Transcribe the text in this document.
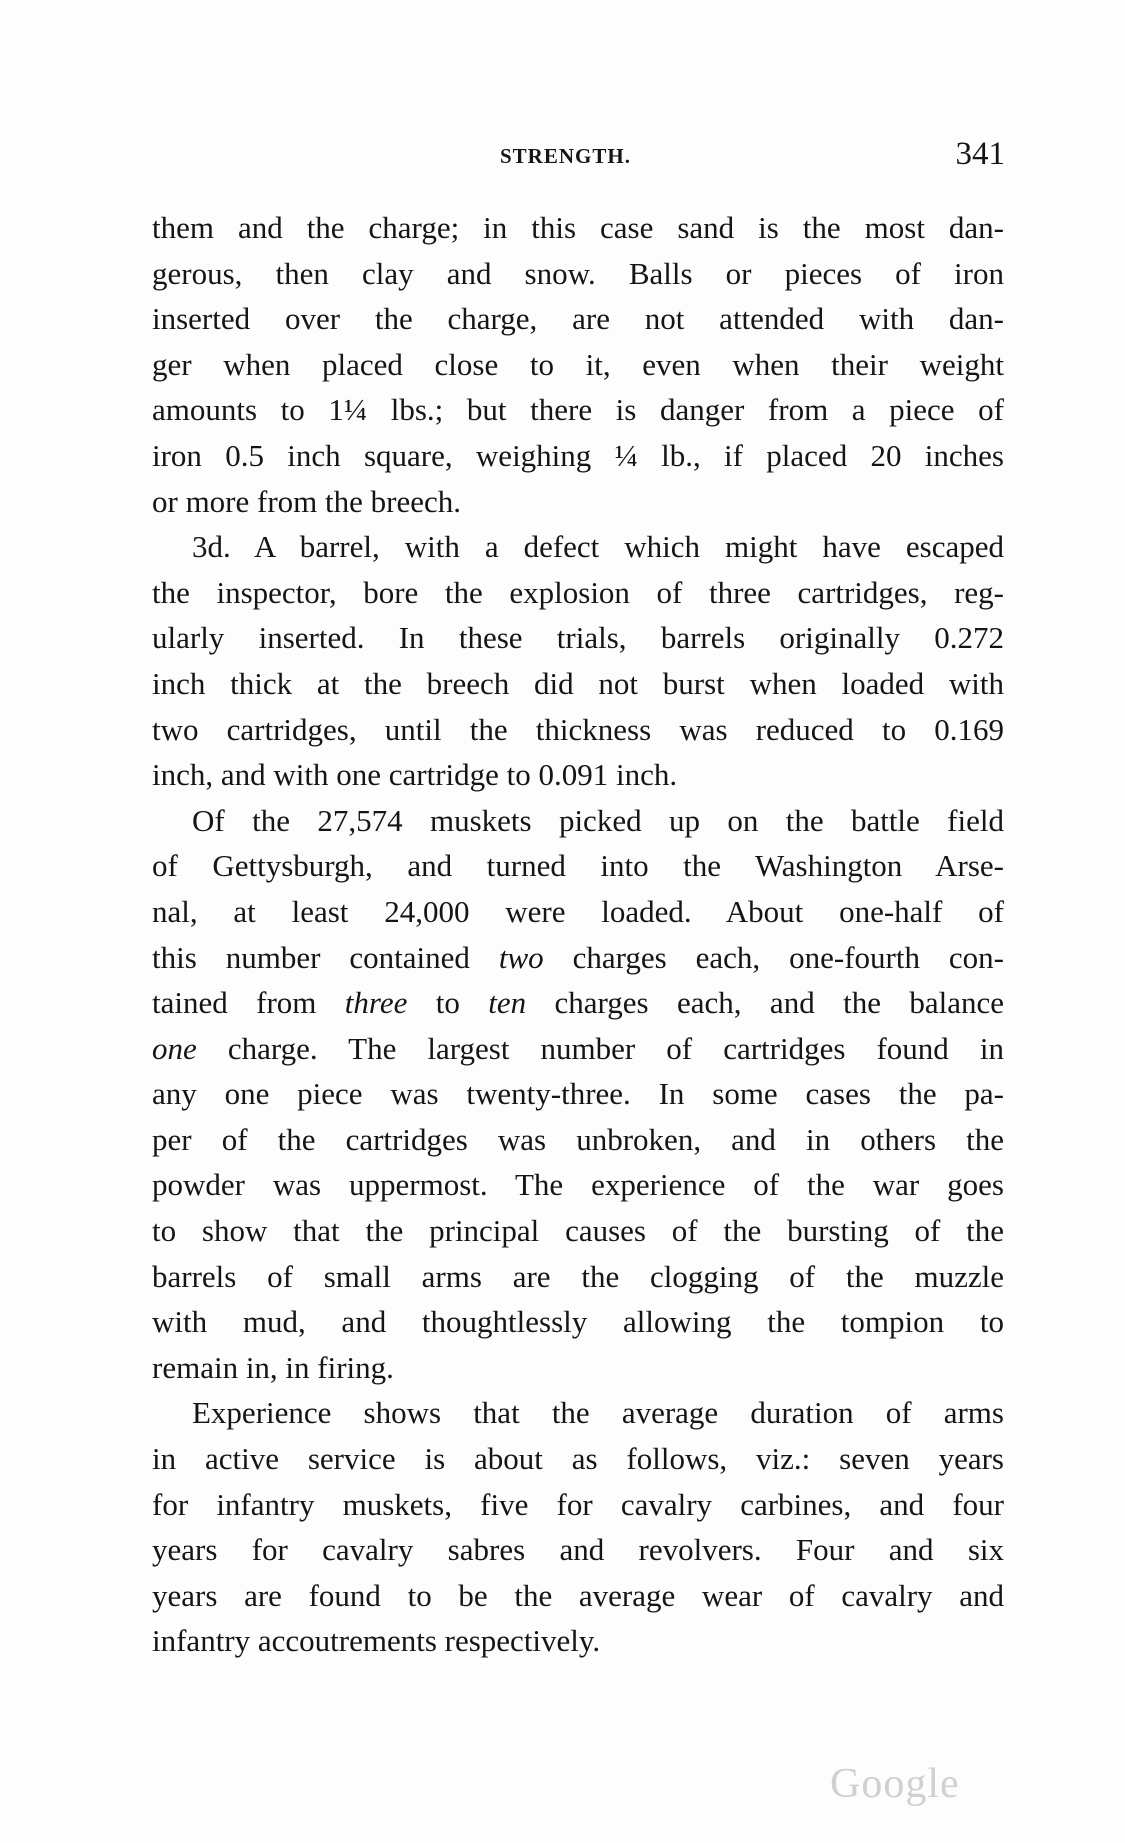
STRENGTH.	341
them and the charge; in this case sand is the most dan-
gerous, then clay and snow. Balls or pieces of iron
inserted over the charge, are not attended with dan-
ger when placed close to it, even when their weight
amounts to 1¼ lbs.; but there is danger from a piece of
iron 0.5 inch square, weighing ¼ lb., if placed 20 inches
or more from the breech.
3d. A barrel, with a defect which might have escaped
the inspector, bore the explosion of three cartridges, reg-
ularly inserted. In these trials, barrels originally 0.272
inch thick at the breech did not burst when loaded with
two cartridges, until the thickness was reduced to 0.169
inch, and with one cartridge to 0.091 inch.
Of the 27,574 muskets picked up on the battle field
of Gettysburgh, and turned into the Washington Arse-
nal, at least 24,000 were loaded. About one-half of
this number contained two charges each, one-fourth con-
tained from three to ten charges each, and the balance
one charge. The largest number of cartridges found in
any one piece was twenty-three. In some cases the pa-
per of the cartridges was unbroken, and in others the
powder was uppermost. The experience of the war goes
to show that the principal causes of the bursting of the
barrels of small arms are the clogging of the muzzle
with mud, and thoughtlessly allowing the tompion to
remain in, in firing.
Experience shows that the average duration of arms
in active service is about as follows, viz.: seven years
for infantry muskets, five for cavalry carbines, and four
years for cavalry sabres and revolvers. Four and six
years are found to be the average wear of cavalry and
infantry accoutrements respectively.
Google
